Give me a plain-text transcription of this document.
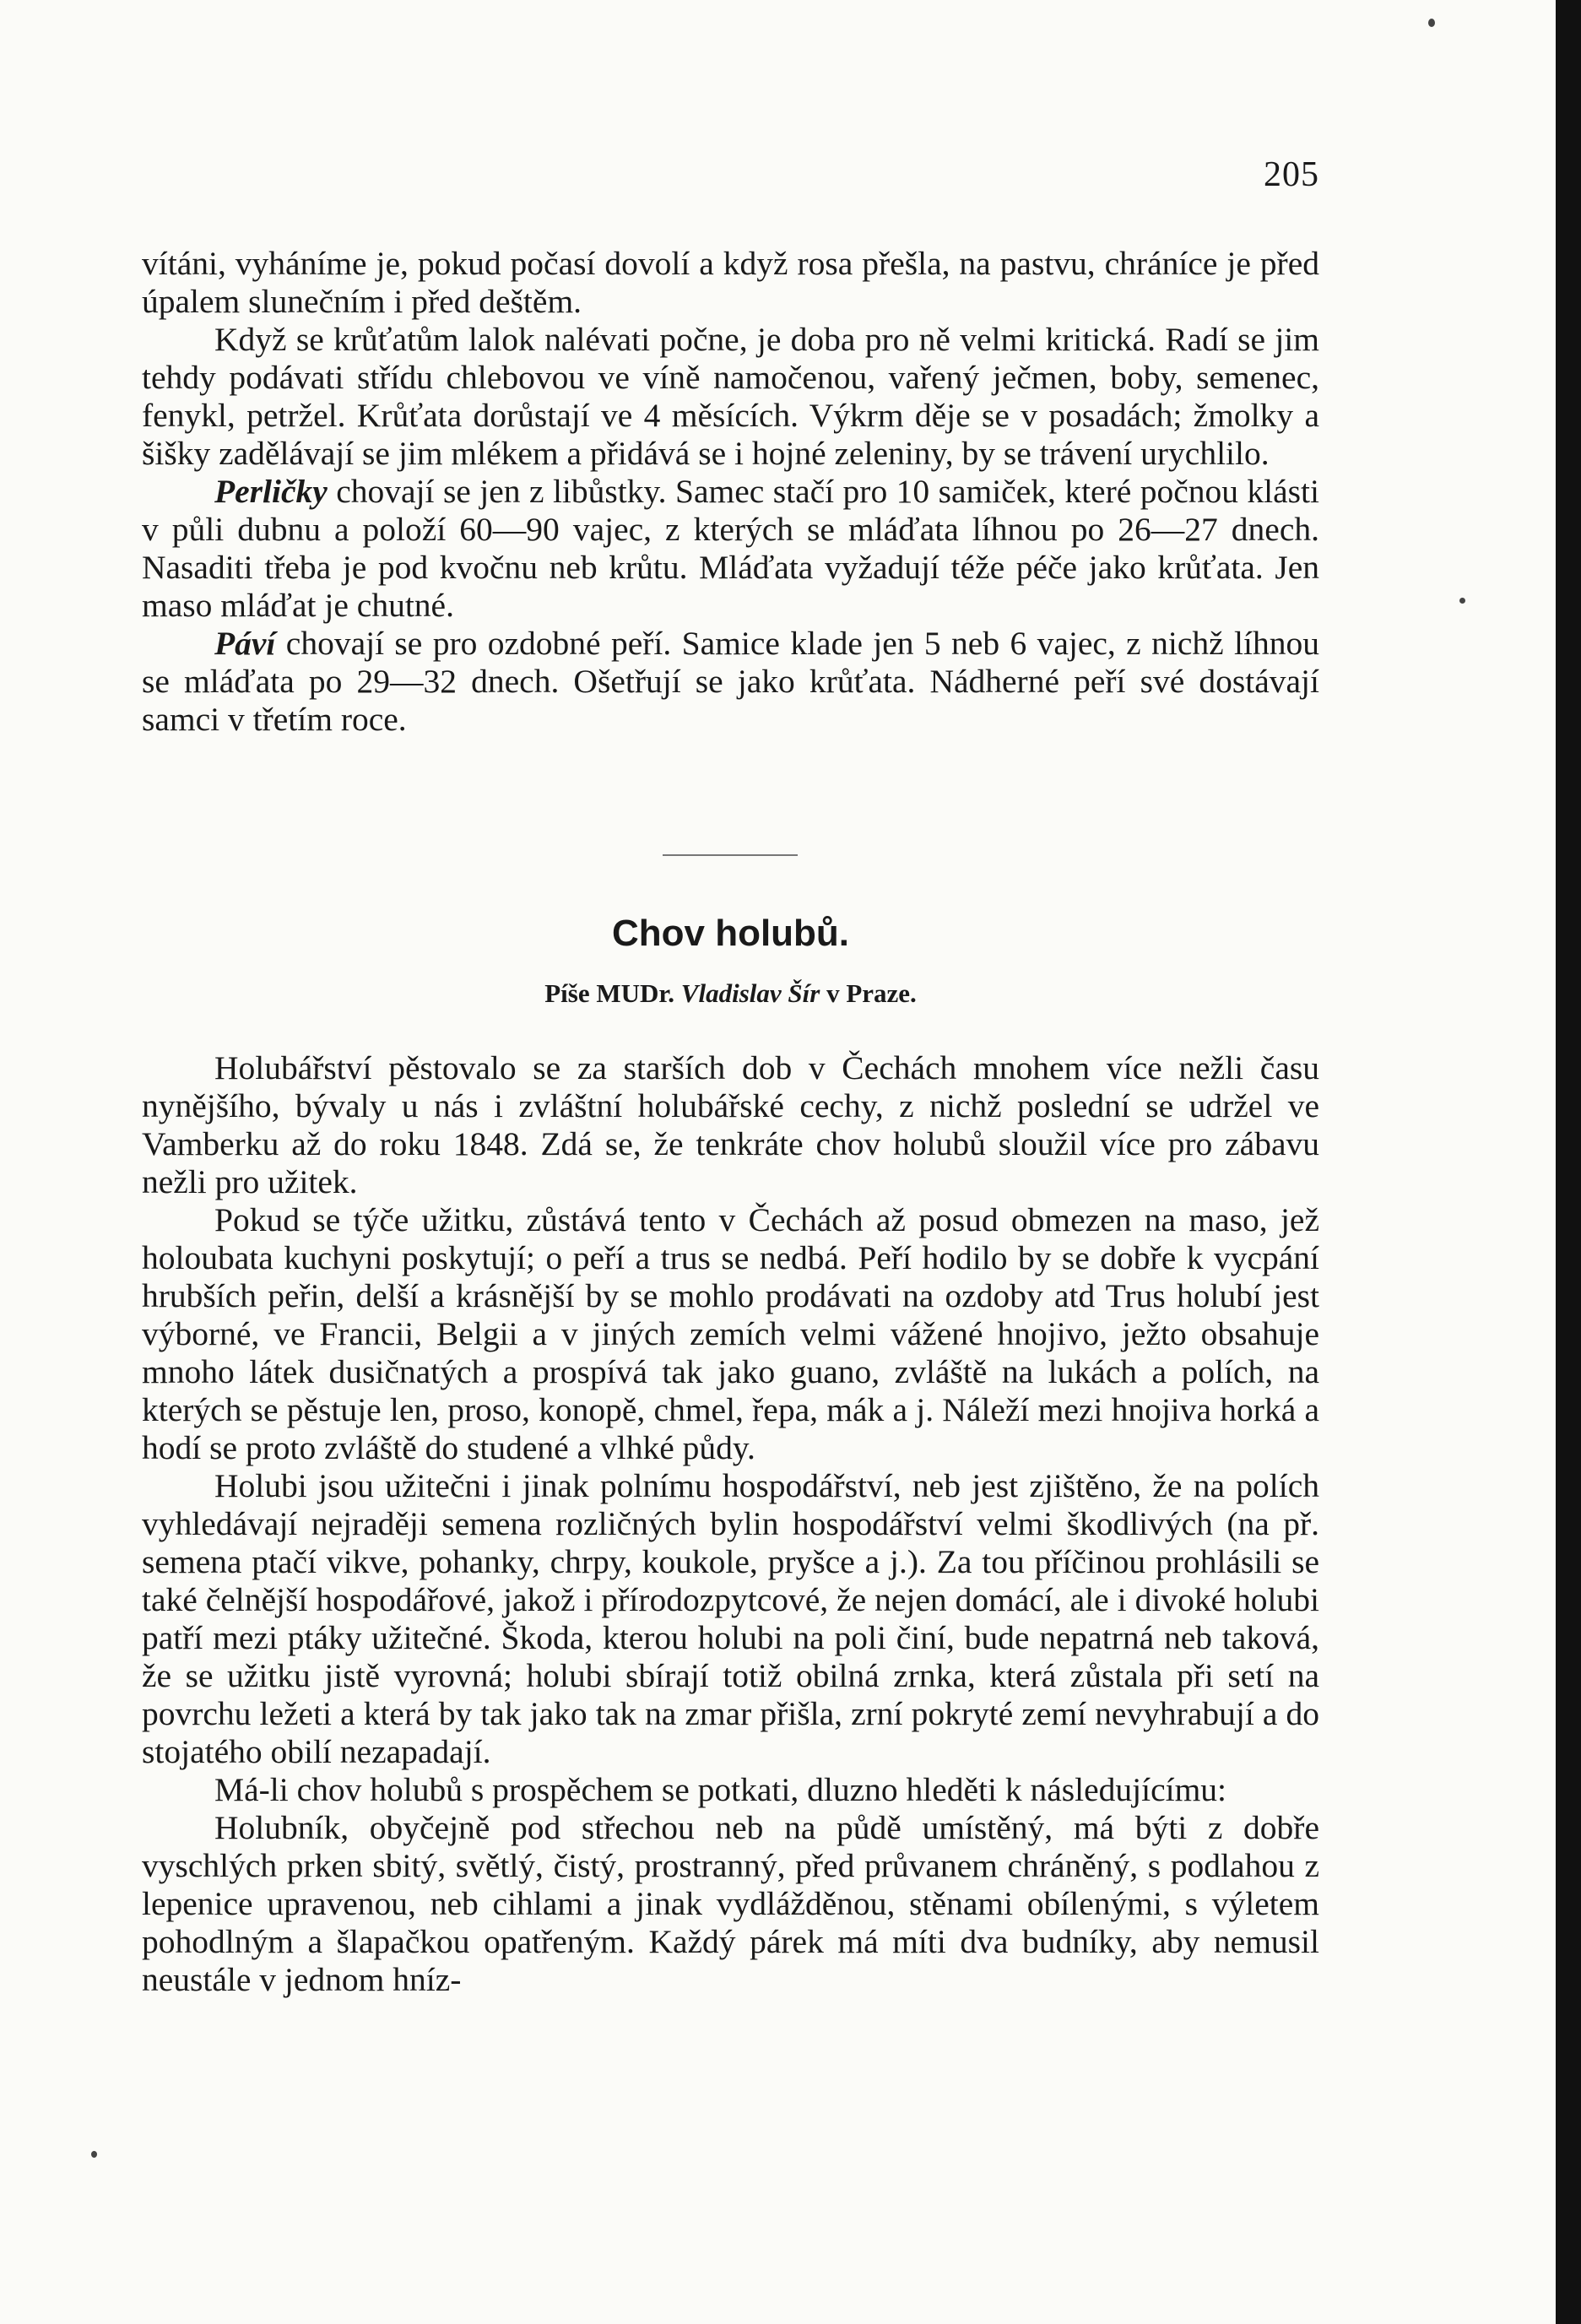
205

vítáni, vyháníme je, pokud počasí dovolí a když rosa přešla, na pastvu, chráníce je před úpalem slunečním i před deštěm.

Když se krůťatům lalok nalévati počne, je doba pro ně velmi kritická. Radí se jim tehdy podávati střídu chlebovou ve víně namočenou, vařený ječmen, boby, semenec, fenykl, petržel. Krůťata dorůstají ve 4 měsících. Výkrm děje se v posadách; žmolky a šišky zadělávají se jim mlékem a přidává se i hojné zeleniny, by se trávení urychlilo.

Perličky chovají se jen z libůstky. Samec stačí pro 10 samiček, které počnou klásti v půli dubnu a položí 60—90 vajec, z kterých se mláďata líhnou po 26—27 dnech. Nasaditi třeba je pod kvočnu neb krůtu. Mláďata vyžadují téže péče jako krůťata. Jen maso mláďat je chutné.

Páví chovají se pro ozdobné peří. Samice klade jen 5 neb 6 vajec, z nichž líhnou se mláďata po 29—32 dnech. Ošetřují se jako krůťata. Nádherné peří své dostávají samci v třetím roce.

Chov holubů.
Píše MUDr. Vladislav Šír v Praze.

Holubářství pěstovalo se za starších dob v Čechách mnohem více nežli času nynějšího, bývaly u nás i zvláštní holubářské cechy, z nichž poslední se udržel ve Vamberku až do roku 1848. Zdá se, že tenkráte chov holubů sloužil více pro zábavu nežli pro užitek.

Pokud se týče užitku, zůstává tento v Čechách až posud obmezen na maso, jež holoubata kuchyni poskytují; o peří a trus se nedbá. Peří hodilo by se dobře k vycpání hrubších peřin, delší a krásnější by se mohlo prodávati na ozdoby atd Trus holubí jest výborné, ve Francii, Belgii a v jiných zemích velmi vážené hnojivo, ježto obsahuje mnoho látek dusičnatých a prospívá tak jako guano, zvláště na lukách a polích, na kterých se pěstuje len, proso, konopě, chmel, řepa, mák a j. Náleží mezi hnojiva horká a hodí se proto zvláště do studené a vlhké půdy.

Holubi jsou užitečni i jinak polnímu hospodářství, neb jest zjištěno, že na polích vyhledávají nejraději semena rozličných bylin hospodářství velmi škodlivých (na př. semena ptačí vikve, pohanky, chrpy, koukole, pryšce a j.). Za tou příčinou prohlásili se také čelnější hospodářové, jakož i přírodozpytcové, že nejen domácí, ale i divoké holubi patří mezi ptáky užitečné. Škoda, kterou holubi na poli činí, bude nepatrná neb taková, že se užitku jistě vyrovná; holubi sbírají totiž obilná zrnka, která zůstala při setí na povrchu ležeti a která by tak jako tak na zmar přišla, zrní pokryté zemí nevyhrabují a do stojatého obilí nezapadají.

Má-li chov holubů s prospěchem se potkati, dluzno hleděti k následujícímu:

Holubník, obyčejně pod střechou neb na půdě umístěný, má býti z dobře vyschlých prken sbitý, světlý, čistý, prostranný, před průvanem chráněný, s podlahou z lepenice upravenou, neb cihlami a jinak vydlážděnou, stěnami obílenými, s výletem pohodlným a šlapačkou opatřeným. Každý párek má míti dva budníky, aby nemusil neustále v jednom hníz-
